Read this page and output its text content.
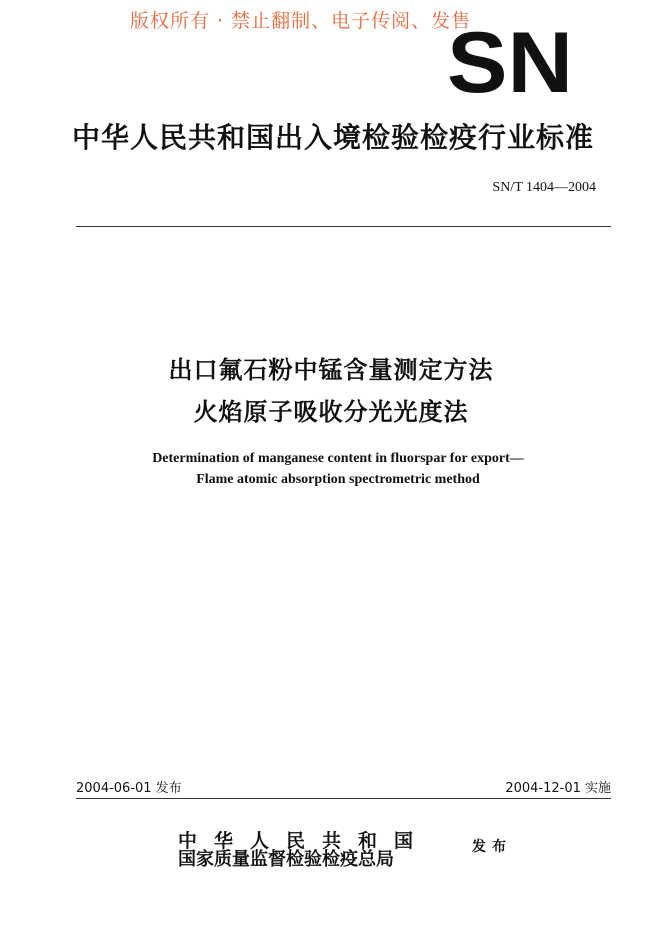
版权所有 · 禁止翻制、电子传阅、发售
SN
中华人民共和国出入境检验检疫行业标准
SN/T 1404—2004
出口氟石粉中锰含量测定方法
火焰原子吸收分光光度法
Determination of manganese content in fluorspar for export—
Flame atomic absorption spectrometric method
2004-06-01 发布	2004-12-01 实施
中华人民共和国
国家质量监督检验检疫总局
发布
